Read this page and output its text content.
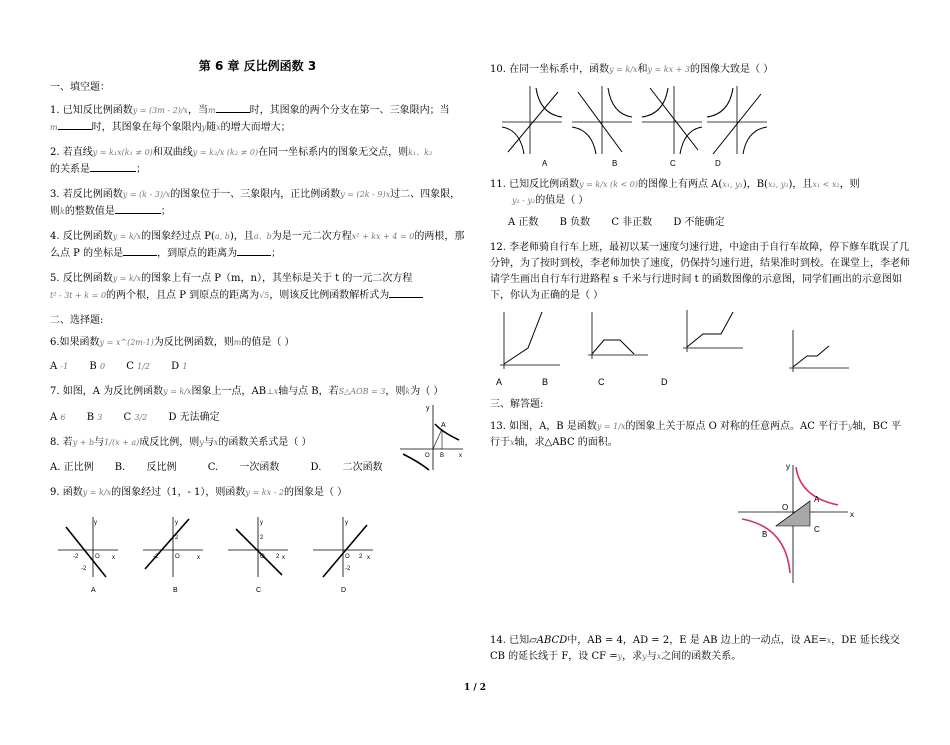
第 6 章 反比例函数 3
一、填空题：
1. 已知反比例函数y = (3m - 2)/x，当m	时，其图象的两个分支在第一、三象限内；当
m	时，其图象在每个象限内y随x的增大而增大；
2. 若直线y = k₁x(k₁ ≠ 0)和双曲线y = k₂/x (k₂ ≠ 0)在同一坐标系内的图象无交点，则k₁、k₂
的关系是	；
3. 若反比例函数y = (k - 3)/x的图象位于一、三象限内，正比例函数y = (2k - 9)x过二、四象限，则k的整数值是	；
4. 反比例函数y = k/x的图象经过点 P(a, b)，且a、b为是一元二次方程x² + kx + 4 = 0的两根，那么点 P 的坐标是	，到原点的距离为	；
5. 反比例函数y = k/x的图象上有一点 P（m，n），其坐标是关于 t 的一元二次方程
t² - 3t + k = 0的两个根，且点 P 到原点的距离为√5，则该反比例函数解析式为
二、选择题:
6.如果函数y = x^(2m-1)为反比例函数，则m的值是（ ）
A -1 B 0 C 1/2 D 1
7. 如图，A 为反比例函数y = k/x图象上一点，AB⊥x轴与点 B，若S△AOB = 3，则k为（ ）
A 6 B 3 C 3/2 D 无法确定
y
A
O B x
8. 若y + b与1/(x + a)成反比例，则y与x的函数关系式是（ ）
A. 正比例 B. 反比例	C. 一次函数	D. 二次函数
9. 函数y = k/x的图象经过（1，- 1），则函数y = kx - 2的图象是（ ）
y
x
O
-2
-2
A
y
x
O
2
-2
B
y
x
O
2
2
C
y
x
O 2
-2
D
10. 在同一坐标系中，函数y = k/x和y = kx + 3的图像大致是（ ）
A	B	C	D
11. 已知反比例函数y = k/x (k < 0)的图像上有两点 A(x₁, y₁)，B(x₂, y₂)，且x₁ < x₂，则
y₁ - y₂的值是（ ）
A 正数 B 负数 C 非正数 D 不能确定
12. 李老师骑自行车上班，最初以某一速度匀速行进，中途由于自行车故障，停下修车耽误了几分钟，为了按时到校，李老师加快了速度，仍保持匀速行进，结果准时到校。在课堂上，李老师请学生画出自行车行进路程 s 千米与行进时间 t 的函数图像的示意图，同学们画出的示意图如下，你认为正确的是（ ）
A	B	C	D
三、解答题:
13. 如图，A，B 是函数y = 1/x的图象上关于原点 O 对称的任意两点。AC 平行于y轴，BC 平行于x轴，求△ABC 的面积。
y
x
O
A
B
C
14. 已知▱ABCD中，AB = 4，AD = 2，E 是 AB 边上的一动点，设 AE=x，DE 延长线交 CB 的延长线于 F，设 CF =y，求y与x之间的函数关系。
1 / 2
